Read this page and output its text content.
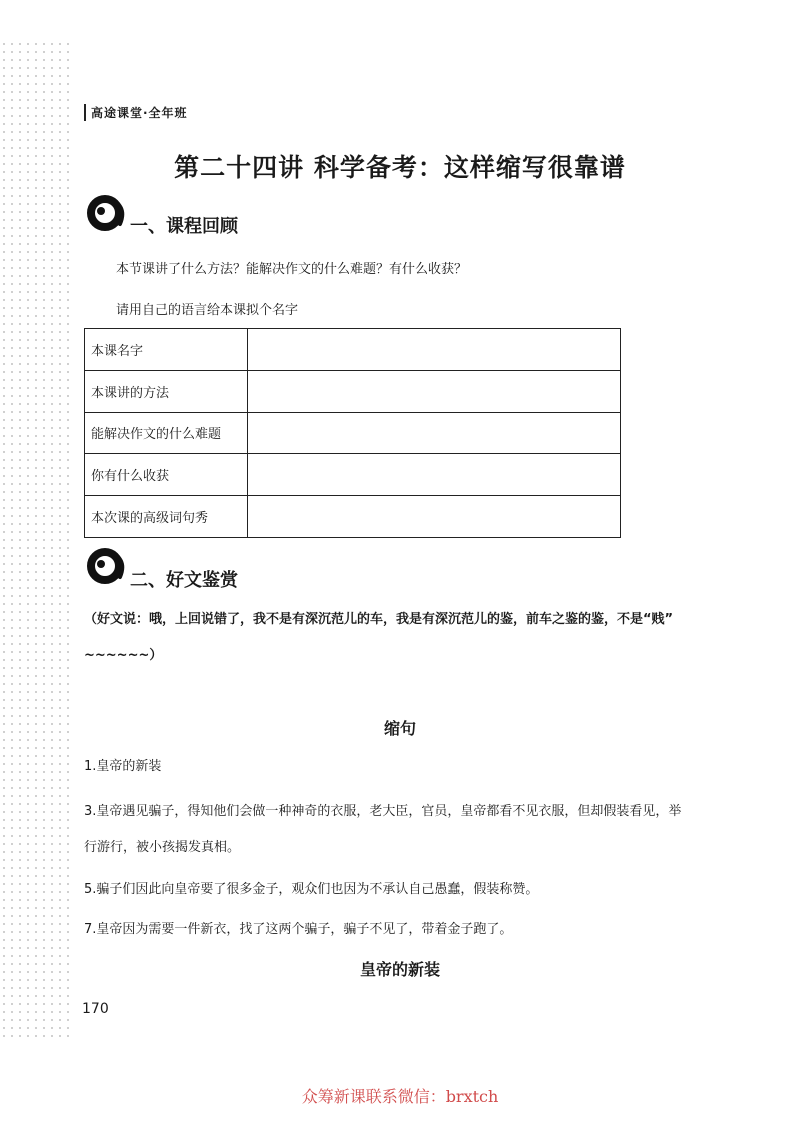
高途课堂·全年班
第二十四讲 科学备考：这样缩写很靠谱
一、课程回顾
本节课讲了什么方法？能解决作文的什么难题？有什么收获？
请用自己的语言给本课拟个名字
本课名字	
本课讲的方法	
能解决作文的什么难题	
你有什么收获	
本次课的高级词句秀	
二、好文鉴赏
（好文说：哦，上回说错了，我不是有深沉范儿的车，我是有深沉范儿的鉴，前车之鉴的鉴，不是“贱”
~~~~~~）
缩句
1.皇帝的新装
3.皇帝遇见骗子，得知他们会做一种神奇的衣服，老大臣，官员，皇帝都看不见衣服，但却假装看见，举
行游行，被小孩揭发真相。
5.骗子们因此向皇帝要了很多金子，观众们也因为不承认自己愚蠢，假装称赞。
7.皇帝因为需要一件新衣，找了这两个骗子，骗子不见了，带着金子跑了。
皇帝的新装
170
众筹新课联系微信：brxtch
